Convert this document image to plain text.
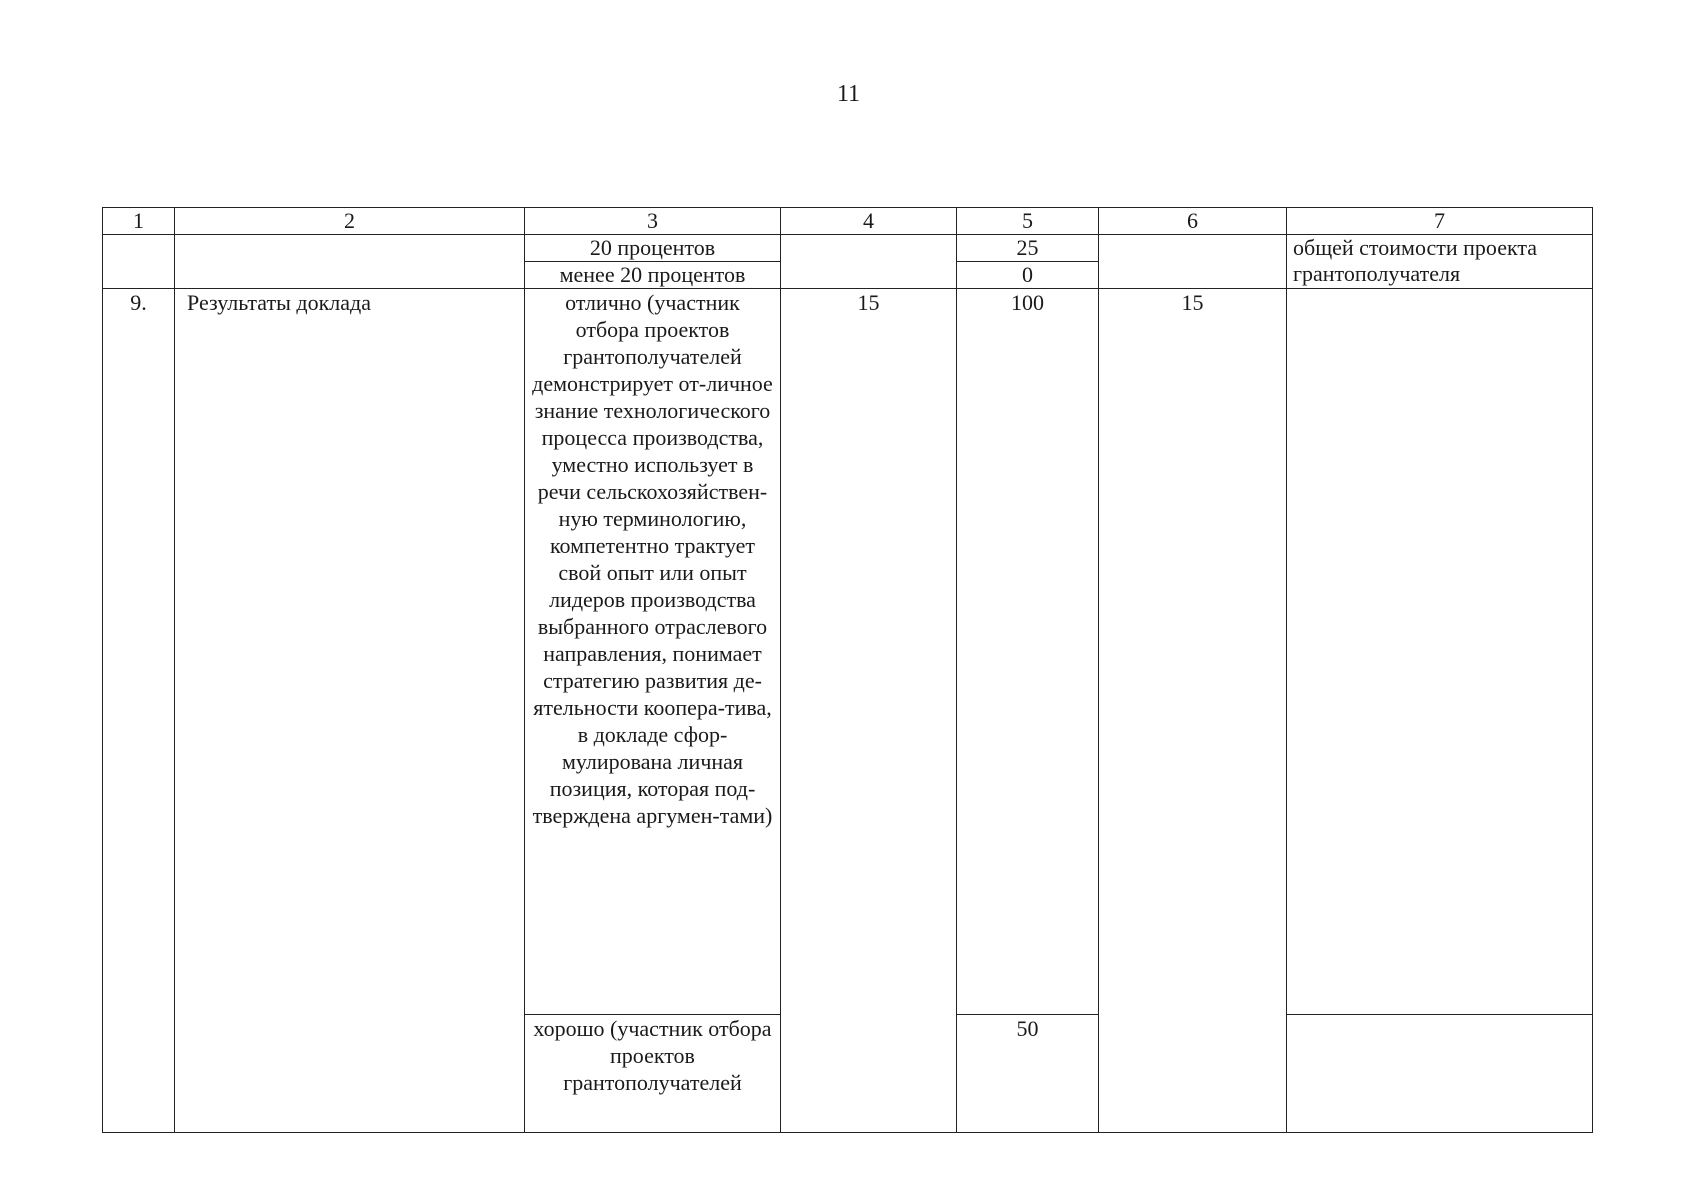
11
1	2	3	4	5	6	7
		20 процентов		25		общей стоимости проекта грантополучателя
		менее 20 процентов		0		
9.	Результаты доклада	отлично (участник отбора проектов грантополучателей демонстрирует от-личное знание технологического процесса производства, уместно использует в речи сельскохозяйствен-ную терминологию, компетентно трактует свой опыт или опыт лидеров производства выбранного отраслевого направления, понимает стратегию развития де-ятельности коопера-тива, в докладе сфор-мулирована личная позиция, которая под-тверждена аргумен-тами)	15	100	15	
		хорошо (участник отбора проектов грантополучателей		50		
